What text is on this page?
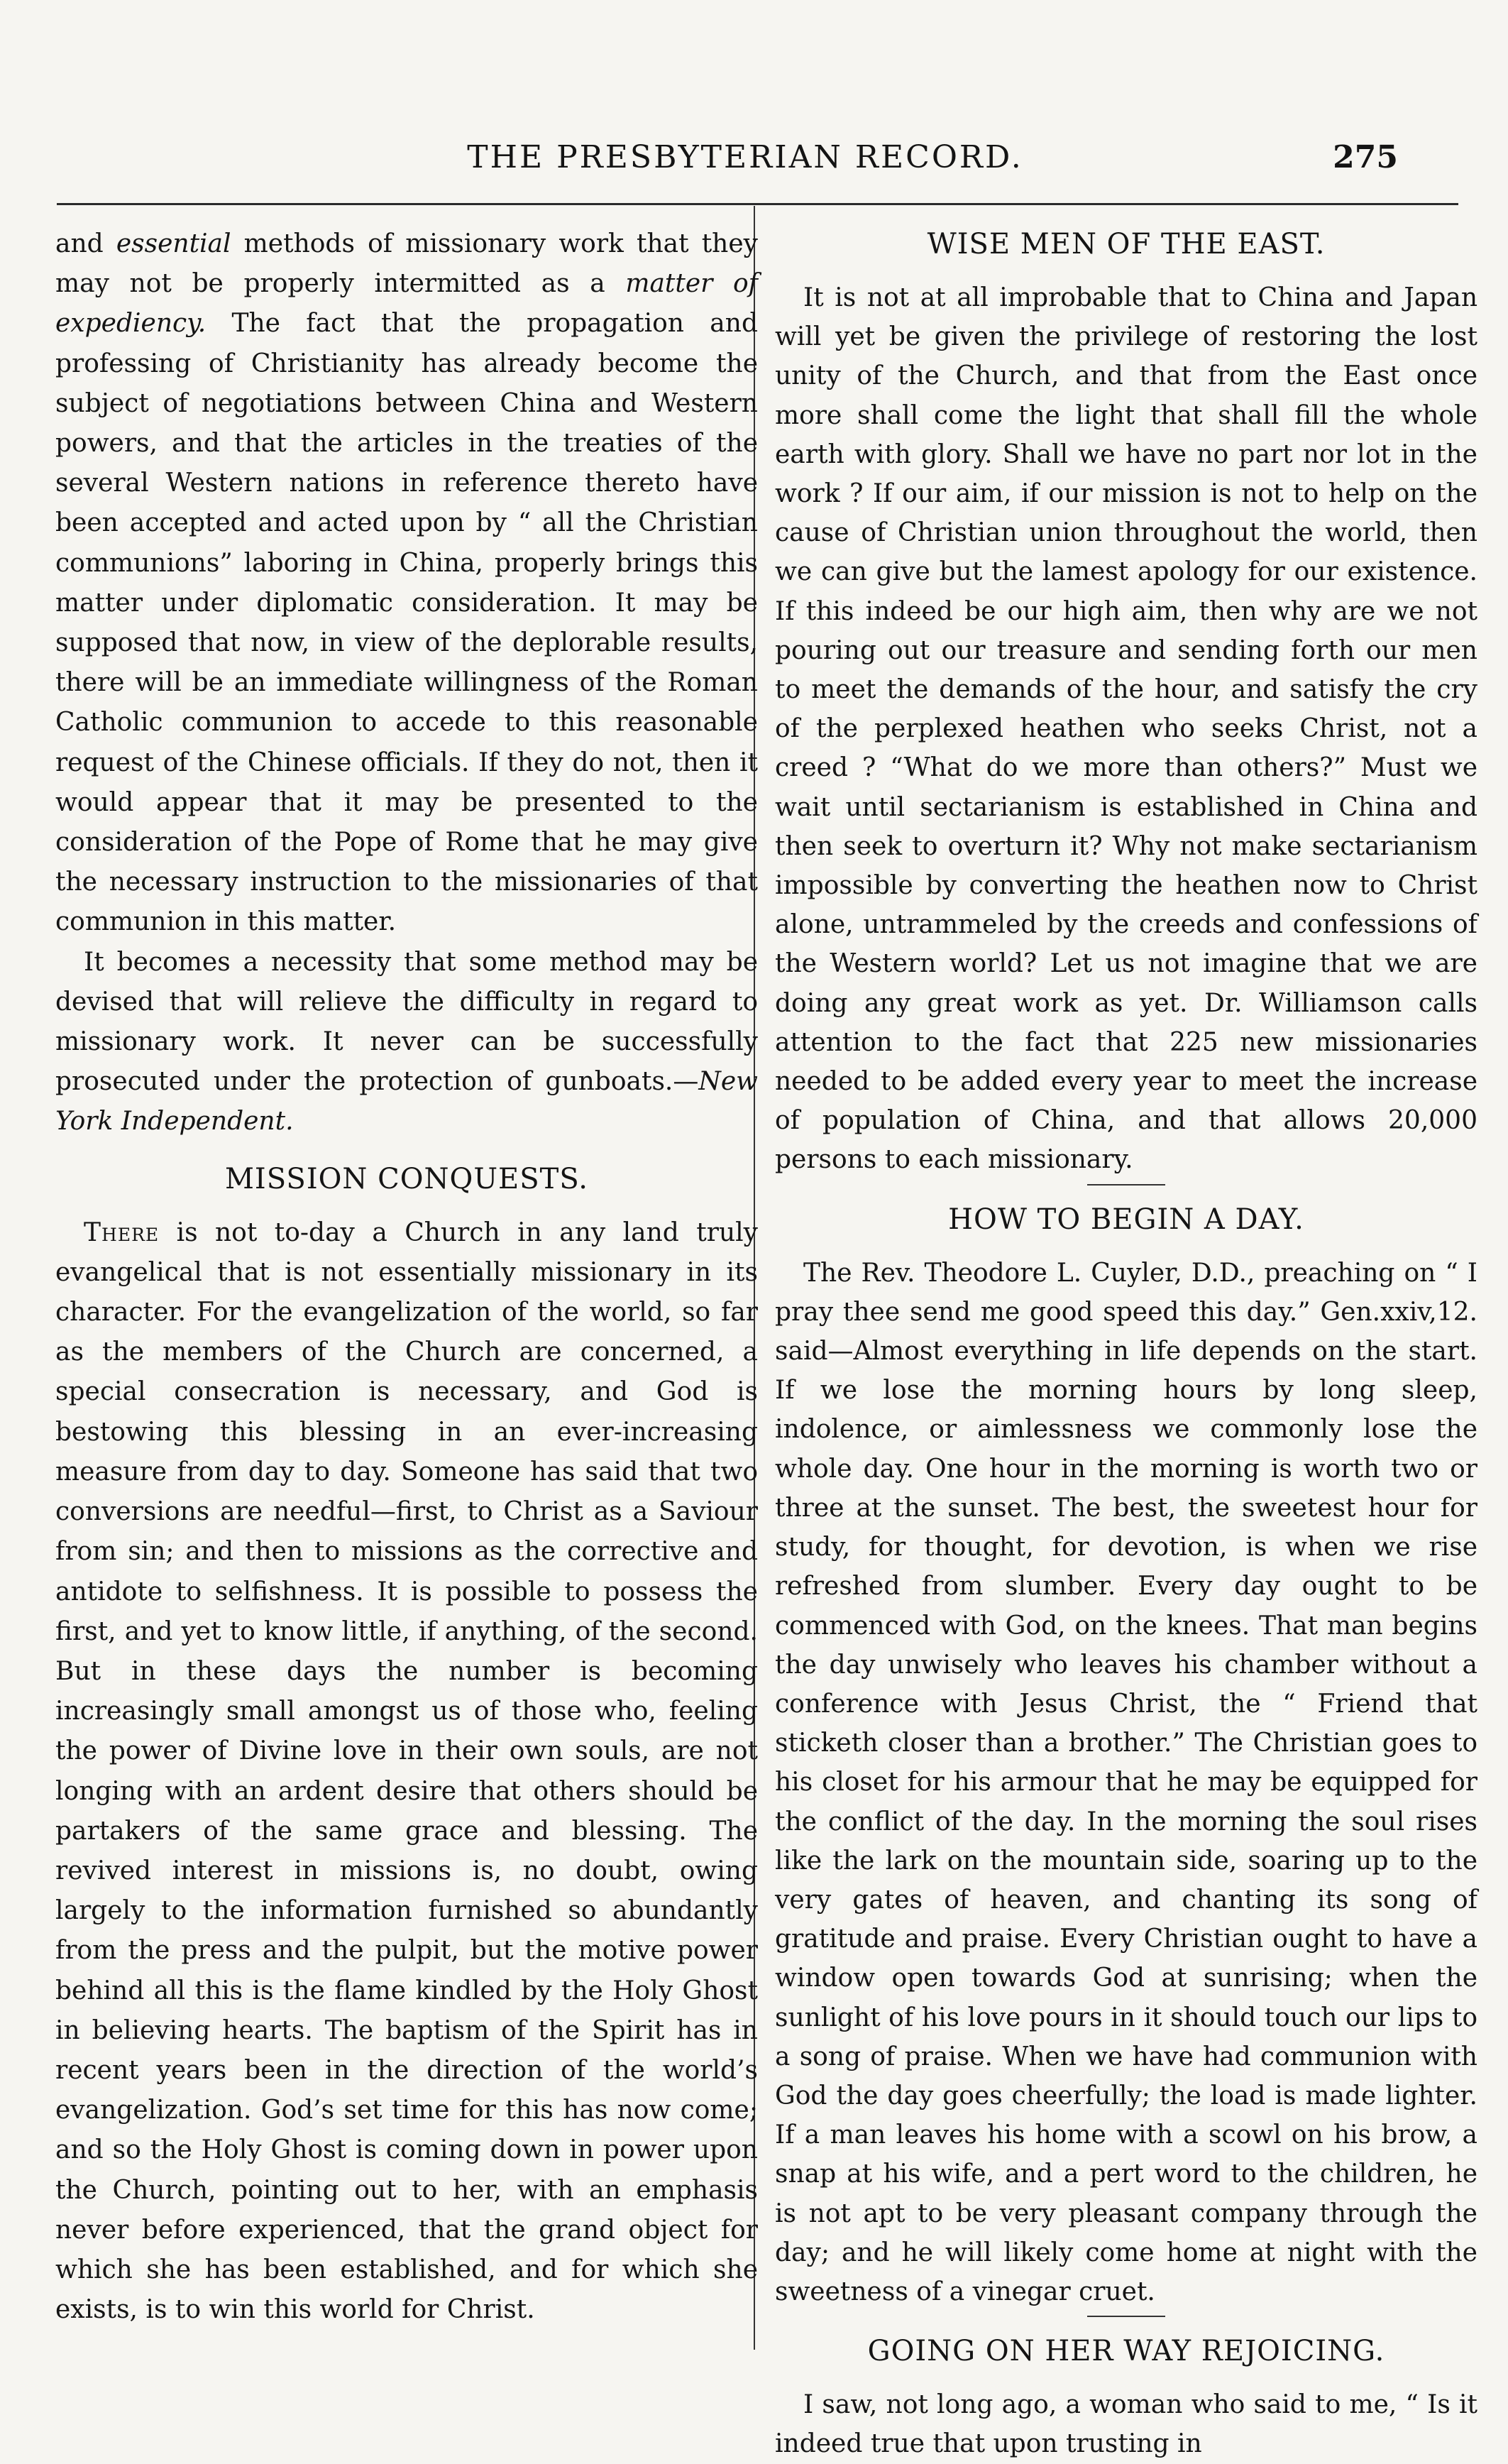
THE PRESBYTERIAN RECORD.	275

and essential methods of missionary work that they may not be properly intermitted as a matter of expediency. The fact that the propagation and professing of Christianity has already become the subject of negotiations between China and Western powers, and that the articles in the treaties of the several Western nations in reference thereto have been accepted and acted upon by “ all the Christian communions” laboring in China, properly brings this matter under diplomatic consideration. It may be supposed that now, in view of the deplorable results, there will be an immediate willingness of the Roman Catholic communion to accede to this reasonable request of the Chinese officials. If they do not, then it would appear that it may be presented to the consideration of the Pope of Rome that he may give the necessary instruction to the missionaries of that communion in this matter.

It becomes a necessity that some method may be devised that will relieve the difficulty in regard to missionary work. It never can be successfully prosecuted under the protection of gunboats.—New York Independent.

MISSION CONQUESTS.

There is not to-day a Church in any land truly evangelical that is not essentially missionary in its character. For the evangelization of the world, so far as the members of the Church are concerned, a special consecration is necessary, and God is bestowing this blessing in an ever-increasing measure from day to day. Someone has said that two conversions are needful—first, to Christ as a Saviour from sin; and then to missions as the corrective and antidote to selfishness. It is possible to possess the first, and yet to know little, if anything, of the second. But in these days the number is becoming increasingly small amongst us of those who, feeling the power of Divine love in their own souls, are not longing with an ardent desire that others should be partakers of the same grace and blessing. The revived interest in missions is, no doubt, owing largely to the information furnished so abundantly from the press and the pulpit, but the motive power behind all this is the flame kindled by the Holy Ghost in believing hearts. The baptism of the Spirit has in recent years been in the direction of the world’s evangelization. God’s set time for this has now come; and so the Holy Ghost is coming down in power upon the Church, pointing out to her, with an emphasis never before experienced, that the grand object for which she has been established, and for which she exists, is to win this world for Christ.

WISE MEN OF THE EAST.

It is not at all improbable that to China and Japan will yet be given the privilege of restoring the lost unity of the Church, and that from the East once more shall come the light that shall fill the whole earth with glory. Shall we have no part nor lot in the work ? If our aim, if our mission is not to help on the cause of Christian union throughout the world, then we can give but the lamest apology for our existence. If this indeed be our high aim, then why are we not pouring out our treasure and sending forth our men to meet the demands of the hour, and satisfy the cry of the perplexed heathen who seeks Christ, not a creed ? “What do we more than others?” Must we wait until sectarianism is established in China and then seek to overturn it? Why not make sectarianism impossible by converting the heathen now to Christ alone, untrammeled by the creeds and confessions of the Western world? Let us not imagine that we are doing any great work as yet. Dr. Williamson calls attention to the fact that 225 new missionaries needed to be added every year to meet the increase of population of China, and that allows 20,000 persons to each missionary.

HOW TO BEGIN A DAY.

The Rev. Theodore L. Cuyler, D.D., preaching on “ I pray thee send me good speed this day.” Gen.xxiv,12. said—Almost everything in life depends on the start. If we lose the morning hours by long sleep, indolence, or aimlessness we commonly lose the whole day. One hour in the morning is worth two or three at the sunset. The best, the sweetest hour for study, for thought, for devotion, is when we rise refreshed from slumber. Every day ought to be commenced with God, on the knees. That man begins the day unwisely who leaves his chamber without a conference with Jesus Christ, the “ Friend that sticketh closer than a brother.” The Christian goes to his closet for his armour that he may be equipped for the conflict of the day. In the morning the soul rises like the lark on the mountain side, soaring up to the very gates of heaven, and chanting its song of gratitude and praise. Every Christian ought to have a window open towards God at sunrising; when the sunlight of his love pours in it should touch our lips to a song of praise. When we have had communion with God the day goes cheerfully; the load is made lighter. If a man leaves his home with a scowl on his brow, a snap at his wife, and a pert word to the children, he is not apt to be very pleasant company through the day; and he will likely come home at night with the sweetness of a vinegar cruet.

GOING ON HER WAY REJOICING.

I saw, not long ago, a woman who said to me, “ Is it indeed true that upon trusting in
